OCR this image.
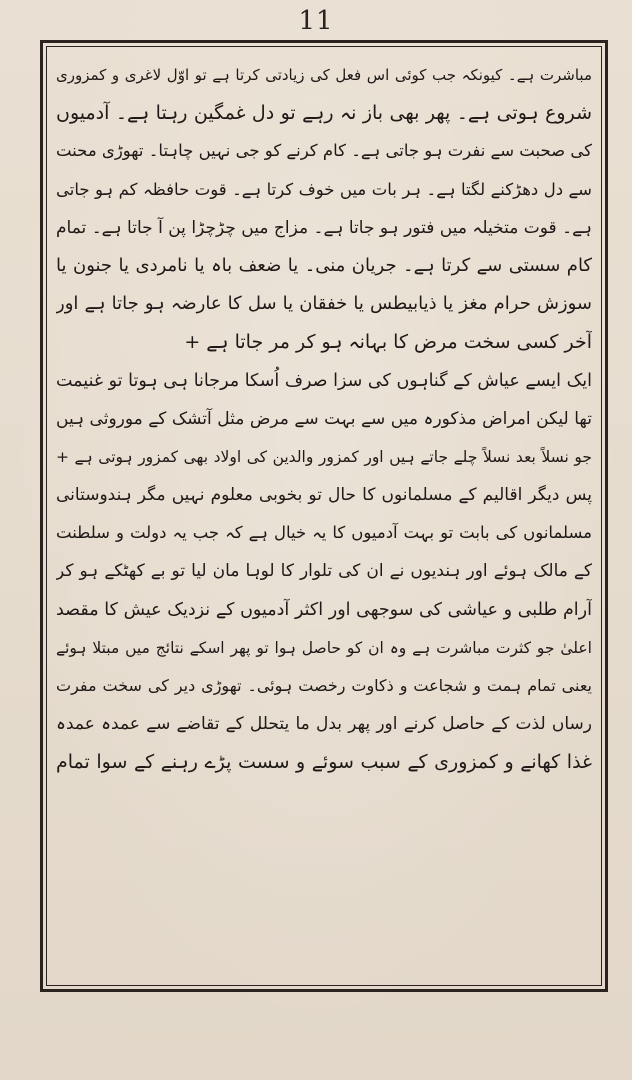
11
مباشرت ہے۔ کیونکہ جب کوئی اس فعل کی زیادتی کرتا ہے تو اوّل لاغری و کمزوری
شروع ہوتی ہے۔ پھر بھی باز نہ رہے تو دل غمگین رہتا ہے۔ آدمیوں
کی صحبت سے نفرت ہو جاتی ہے۔ کام کرنے کو جی نہیں چاہتا۔ تھوڑی محنت
سے دل دھڑکنے لگتا ہے۔ ہر بات میں خوف کرتا ہے۔ قوت حافظہ کم ہو جاتی
ہے۔ قوت متخیلہ میں فتور ہو جاتا ہے۔ مزاج میں چڑچڑا پن آ جاتا ہے۔ تمام
کام سستی سے کرتا ہے۔ جریان منی۔ یا ضعف باہ یا نامردی یا جنون یا
سوزش حرام مغز یا ذیابیطس یا خفقان یا سل کا عارضہ ہو جاتا ہے اور
آخر کسی سخت مرض کا بہانہ ہو کر مر جاتا ہے +
ایک ایسے عیاش کے گناہوں کی سزا صرف اُسکا مرجانا ہی ہوتا تو غنیمت
تھا لیکن امراض مذکورہ میں سے بہت سے مرض مثل آتشک کے موروثی ہیں
جو نسلاً بعد نسلاً چلے جاتے ہیں اور کمزور والدین کی اولاد بھی کمزور ہوتی ہے +
پس دیگر اقالیم کے مسلمانوں کا حال تو بخوبی معلوم نہیں مگر ہندوستانی
مسلمانوں کی بابت تو بہت آدمیوں کا یہ خیال ہے کہ جب یہ دولت و سلطنت
کے مالک ہوئے اور ہندیوں نے ان کی تلوار کا لوہا مان لیا تو بے کھٹکے ہو کر
آرام طلبی و عیاشی کی سوجھی اور اکثر آدمیوں کے نزدیک عیش کا مقصد
اعلیٰ جو کثرت مباشرت ہے وہ ان کو حاصل ہوا تو پھر اسکے نتائج میں مبتلا ہوئے
یعنی تمام ہمت و شجاعت و ذکاوت رخصت ہوئی۔ تھوڑی دیر کی سخت مفرت
رساں لذت کے حاصل کرنے اور پھر بدل ما یتحلل کے تقاضے سے عمدہ عمدہ
غذا کھانے و کمزوری کے سبب سوئے و سست پڑے رہنے کے سوا تمام
